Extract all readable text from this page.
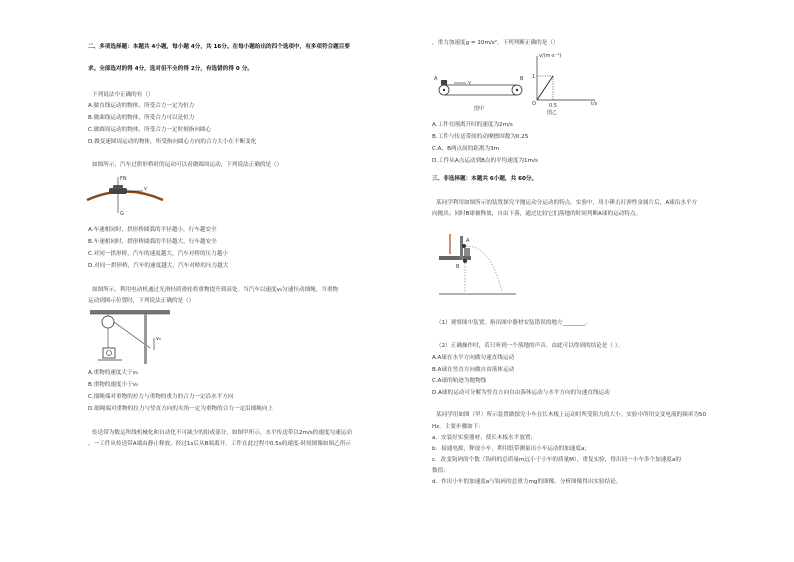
二、多项选择题：本题共 4小题，每小题 4分，共 16分。在每小题给出的四个选项中，有多项符合题目要
求。全部选对的得 4分，选对但不全的得 2分，有选错的得 0 分。
下列说法中正确的有（）
A.做直线运动的物体，所受合力一定为恒力
B.做曲线运动的物体，所受合力可以是恒力
C.做圆周运动的物体，所受合力一定时刻指向圆心
D.做变速圆周运动的物体，所受指向圆心方向的合力大小在不断变化
如图所示，汽车过拱形桥时的运动可以看做圆周运动，下列说法正确的是（）
FN
v
G
A.车速相同时，拱形桥圆弧的半径越小，行车越安全
B.车速相同时，拱形桥圆弧的半径越大，行车越安全
C.对同一拱形桥，汽车的速度越大，汽车对桥的压力越小
D.对同一拱形桥，汽车的速度越大，汽车对桥的压力越大
如图所示，利用电动机通过光滑轻质滑轮将重物提升到高处。当汽车以速度v₀匀速拉动细绳，当重物
运动到图示位置时，下列说法正确的是（）
v₀
A.重物的速度大于v₀
B.重物的速度小于v₀
C.细绳端对重物的拉力与重物的重力的合力一定沿水平方向
D.细绳端对重物的拉力与竖直方向的夹角一定为重物的合力一定沿细绳向上
传送带为数运所线机械化和自动化不可缺少的组成部分。如图甲所示，水平传送带以2m/s的速度匀速运动
，一工件从传送带A端由静止释放，经过1s后从B端离开。工件在此过程中0.5s的速度-时间图像如图乙所示
，重力加速度g = 10m/s²。下列判断正确的是（）
A	B
v
图甲
v/(m·s⁻¹)
1
0.5
O	t/s
图乙
A.工件在刚离开时的速度为2m/s
B.工件与传送带间的动摩擦因数为0.25
C.A、B两点间的距离为3m
D.工件从A点运动到B点的平均速度为1m/s
三、非选择题：本题共 6小题，共 60分。
某同学利用如图所示的装置探究平抛运动分运动的特点。实验中，用小锤击打弹性金属片后，A球沿水平方
向抛出；同时B球被释放，自由下落，通过比较它们落地的时间判断A球的运动特点。
A
B
（1）观察图中装置，指出图中器材安装错误的地方________。
（2）正确操作时，若只听到一个落地的声音，由此可以得到的结论是（ ）。
A.A球在水平方向做匀速直线运动
B.A球在竖直方向做自由落体运动
C.A球的轨迹为抛物线
D.A球的运动可分解为竖直方向自由落体运动与水平方向的匀速直线运动
某同学用如图（甲）所示装置做探究小车在长木板上运动时所受阻力的大小。实验中所用交变电流的频率为50
Hz，主要步骤如下：
a．安装好实验器材，使长木板水平放置；
b．接通电源，释放小车，利用纸带测量出小车运动的加速度a；
c．改变钩码的个数（钩码的总质量m远小于小车的质量M），重复实验，得出同一小车多个加速度a的
数值；
d．作出小车的加速度a与钩码的总重力mg的图像，分析图像得出实验结论。
